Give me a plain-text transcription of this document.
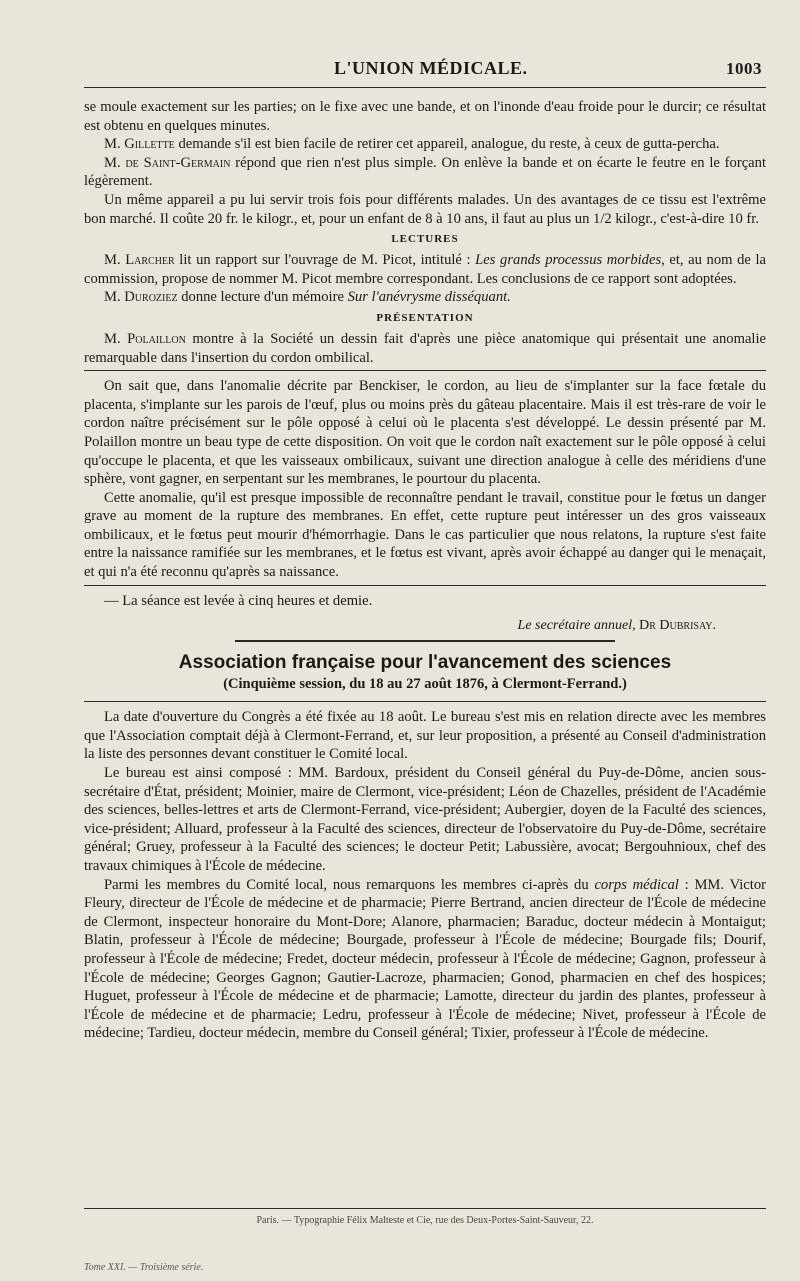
L'UNION MÉDICALE.	1003

se moule exactement sur les parties; on le fixe avec une bande, et on l'inonde d'eau froide pour le durcir; ce résultat est obtenu en quelques minutes.

M. Gillette demande s'il est bien facile de retirer cet appareil, analogue, du reste, à ceux de gutta-percha.

M. de Saint-Germain répond que rien n'est plus simple. On enlève la bande et on écarte le feutre en le forçant légèrement.

Un même appareil a pu lui servir trois fois pour différents malades. Un des avantages de ce tissu est l'extrême bon marché. Il coûte 20 fr. le kilogr., et, pour un enfant de 8 à 10 ans, il faut au plus un 1/2 kilogr., c'est-à-dire 10 fr.

LECTURES

M. Larcher lit un rapport sur l'ouvrage de M. Picot, intitulé : Les grands processus morbides, et, au nom de la commission, propose de nommer M. Picot membre correspondant. Les conclusions de ce rapport sont adoptées.

M. Duroziez donne lecture d'un mémoire Sur l'anévrysme disséquant.

PRÉSENTATION

M. Polaillon montre à la Société un dessin fait d'après une pièce anatomique qui présentait une anomalie remarquable dans l'insertion du cordon ombilical.

On sait que, dans l'anomalie décrite par Benckiser, le cordon, au lieu de s'implanter sur la face fœtale du placenta, s'implante sur les parois de l'œuf, plus ou moins près du gâteau placentaire. Mais il est très-rare de voir le cordon naître précisément sur le pôle opposé à celui où le placenta s'est développé. Le dessin présenté par M. Polaillon montre un beau type de cette disposition. On voit que le cordon naît exactement sur le pôle opposé à celui qu'occupe le placenta, et que les vaisseaux ombilicaux, suivant une direction analogue à celle des méridiens d'une sphère, vont gagner, en serpentant sur les membranes, le pourtour du placenta.

Cette anomalie, qu'il est presque impossible de reconnaître pendant le travail, constitue pour le fœtus un danger grave au moment de la rupture des membranes. En effet, cette rupture peut intéresser un des gros vaisseaux ombilicaux, et le fœtus peut mourir d'hémorrhagie. Dans le cas particulier que nous relatons, la rupture s'est faite entre la naissance ramifiée sur les membranes, et le fœtus est vivant, après avoir échappé au danger qui le menaçait, et qui n'a été reconnu qu'après sa naissance.

— La séance est levée à cinq heures et demie.

Le secrétaire annuel, Dr Dubrisay.
Association française pour l'avancement des sciences
(Cinquième session, du 18 au 27 août 1876, à Clermont-Ferrand.)

La date d'ouverture du Congrès a été fixée au 18 août. Le bureau s'est mis en relation directe avec les membres que l'Association comptait déjà à Clermont-Ferrand, et, sur leur proposition, a présenté au Conseil d'administration la liste des personnes devant constituer le Comité local.

Le bureau est ainsi composé : MM. Bardoux, président du Conseil général du Puy-de-Dôme, ancien sous-secrétaire d'État, président; Moinier, maire de Clermont, vice-président; Léon de Chazelles, président de l'Académie des sciences, belles-lettres et arts de Clermont-Ferrand, vice-président; Aubergier, doyen de la Faculté des sciences, vice-président; Alluard, professeur à la Faculté des sciences, directeur de l'observatoire du Puy-de-Dôme, secrétaire général; Gruey, professeur à la Faculté des sciences; le docteur Petit; Labussière, avocat; Bergouhnioux, chef des travaux chimiques à l'École de médecine.

Parmi les membres du Comité local, nous remarquons les membres ci-après du corps médical : MM. Victor Fleury, directeur de l'École de médecine et de pharmacie; Pierre Bertrand, ancien directeur de l'École de médecine de Clermont, inspecteur honoraire du Mont-Dore; Alanore, pharmacien; Baraduc, docteur médecin à Montaigut; Blatin, professeur à l'École de médecine; Bourgade, professeur à l'École de médecine; Bourgade fils; Dourif, professeur à l'École de médecine; Fredet, docteur médecin, professeur à l'École de médecine; Gagnon, professeur à l'École de médecine; Georges Gagnon; Gautier-Lacroze, pharmacien; Gonod, pharmacien en chef des hospices; Huguet, professeur à l'École de médecine et de pharmacie; Lamotte, directeur du jardin des plantes, professeur à l'École de médecine et de pharmacie; Ledru, professeur à l'École de médecine; Nivet, professeur à l'École de médecine; Tardieu, docteur médecin, membre du Conseil général; Tixier, professeur à l'École de médecine.

Paris. — Typographie Félix Malteste et Cie, rue des Deux-Portes-Saint-Sauveur, 22.
Tome XXI. — Troisième série.
